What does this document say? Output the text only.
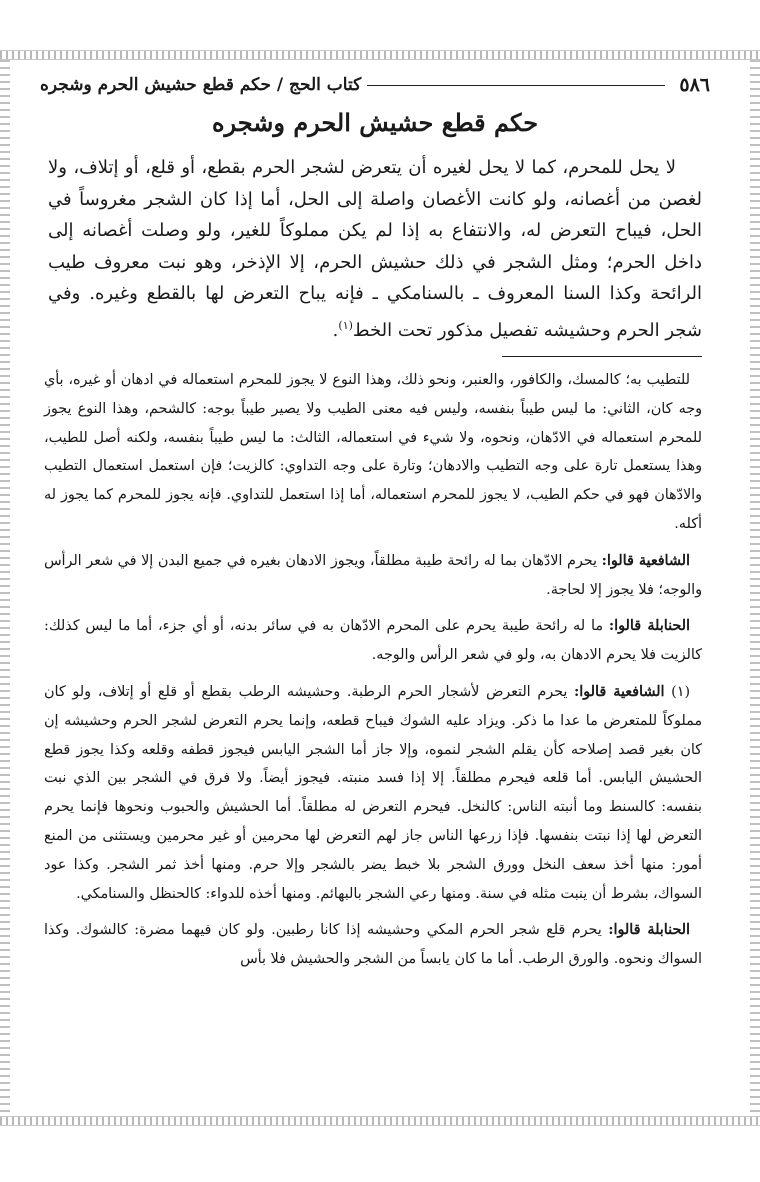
٥٨٦
كتاب الحج / حكم قطع حشيش الحرم وشجره
حكم قطع حشيش الحرم وشجره

لا يحل للمحرم، كما لا يحل لغيره أن يتعرض لشجر الحرم بقطع، أو قلع، أو إتلاف، ولا لغصن من أغصانه، ولو كانت الأغصان واصلة إلى الحل، أما إذا كان الشجر مغروساً في الحل، فيباح التعرض له، والانتفاع به إذا لم يكن مملوكاً للغير، ولو وصلت أغصانه إلى داخل الحرم؛ ومثل الشجر في ذلك حشيش الحرم، إلا الإذخر، وهو نبت معروف طيب الرائحة وكذا السنا المعروف ـ بالسنامكي ـ فإنه يباح التعرض لها بالقطع وغيره. وفي شجر الحرم وحشيشه تفصيل مذكور تحت الخط$^{(١)}$.

للتطيب به؛ كالمسك، والكافور، والعنبر، ونحو ذلك، وهذا النوع لا يجوز للمحرم استعماله في ادهان أو غيره، بأي وجه كان، الثاني: ما ليس طيباً بنفسه، وليس فيه معنى الطيب ولا يصير طيباً بوجه: كالشحم، وهذا النوع يجوز للمحرم استعماله في الادّهان، ونحوه، ولا شيء في استعماله، الثالث: ما ليس طيباً بنفسه، ولكنه أصل للطيب، وهذا يستعمل تارة على وجه التطيب والادهان؛ وتارة على وجه التداوي: كالزيت؛ فإن استعمل استعمال التطيب والادّهان فهو في حكم الطيب، لا يجوز للمحرم استعماله، أما إذا استعمل للتداوي. فإنه يجوز للمحرم كما يجوز له أكله.

الشافعية قالوا: يحرم الادّهان بما له رائحة طيبة مطلقاً، ويجوز الادهان بغيره في جميع البدن إلا في شعر الرأس والوجه؛ فلا يجوز إلا لحاجة.

الحنابلة قالوا: ما له رائحة طيبة يحرم على المحرم الادّهان به في سائر بدنه، أو أي جزء، أما ما ليس كذلك: كالزيت فلا يحرم الادهان به، ولو في شعر الرأس والوجه.

(١) الشافعية قالوا: يحرم التعرض لأشجار الحرم الرطبة. وحشيشه الرطب بقطع أو قلع أو إتلاف، ولو كان مملوكاً للمتعرض ما عدا ما ذكر. ويزاد عليه الشوك فيباح قطعه، وإنما يحرم التعرض لشجر الحرم وحشيشه إن كان بغير قصد إصلاحه كأن يقلم الشجر لنموه، وإلا جاز أما الشجر اليابس فيجوز قطفه وقلعه وكذا يجوز قطع الحشيش اليابس. أما قلعه فيحرم مطلقاً. إلا إذا فسد منبته. فيجوز أيضاً. ولا فرق في الشجر بين الذي نبت بنفسه: كالسنط وما أنبته الناس: كالنخل. فيحرم التعرض له مطلقاً. أما الحشيش والحبوب ونحوها فإنما يحرم التعرض لها إذا نبتت بنفسها. فإذا زرعها الناس جاز لهم التعرض لها محرمين أو غير محرمين ويستثنى من المنع أمور: منها أخذ سعف النخل وورق الشجر بلا خبط يضر بالشجر وإلا حرم. ومنها أخذ ثمر الشجر. وكذا عود السواك، بشرط أن ينبت مثله في سنة. ومنها رعي الشجر بالبهائم. ومنها أخذه للدواء: كالحنظل والسنامكي.

الحنابلة قالوا: يحرم قلع شجر الحرم المكي وحشيشه إذا كانا رطبين. ولو كان فيهما مضرة: كالشوك. وكذا السواك ونحوه. والورق الرطب. أما ما كان يابساً من الشجر والحشيش فلا بأس
